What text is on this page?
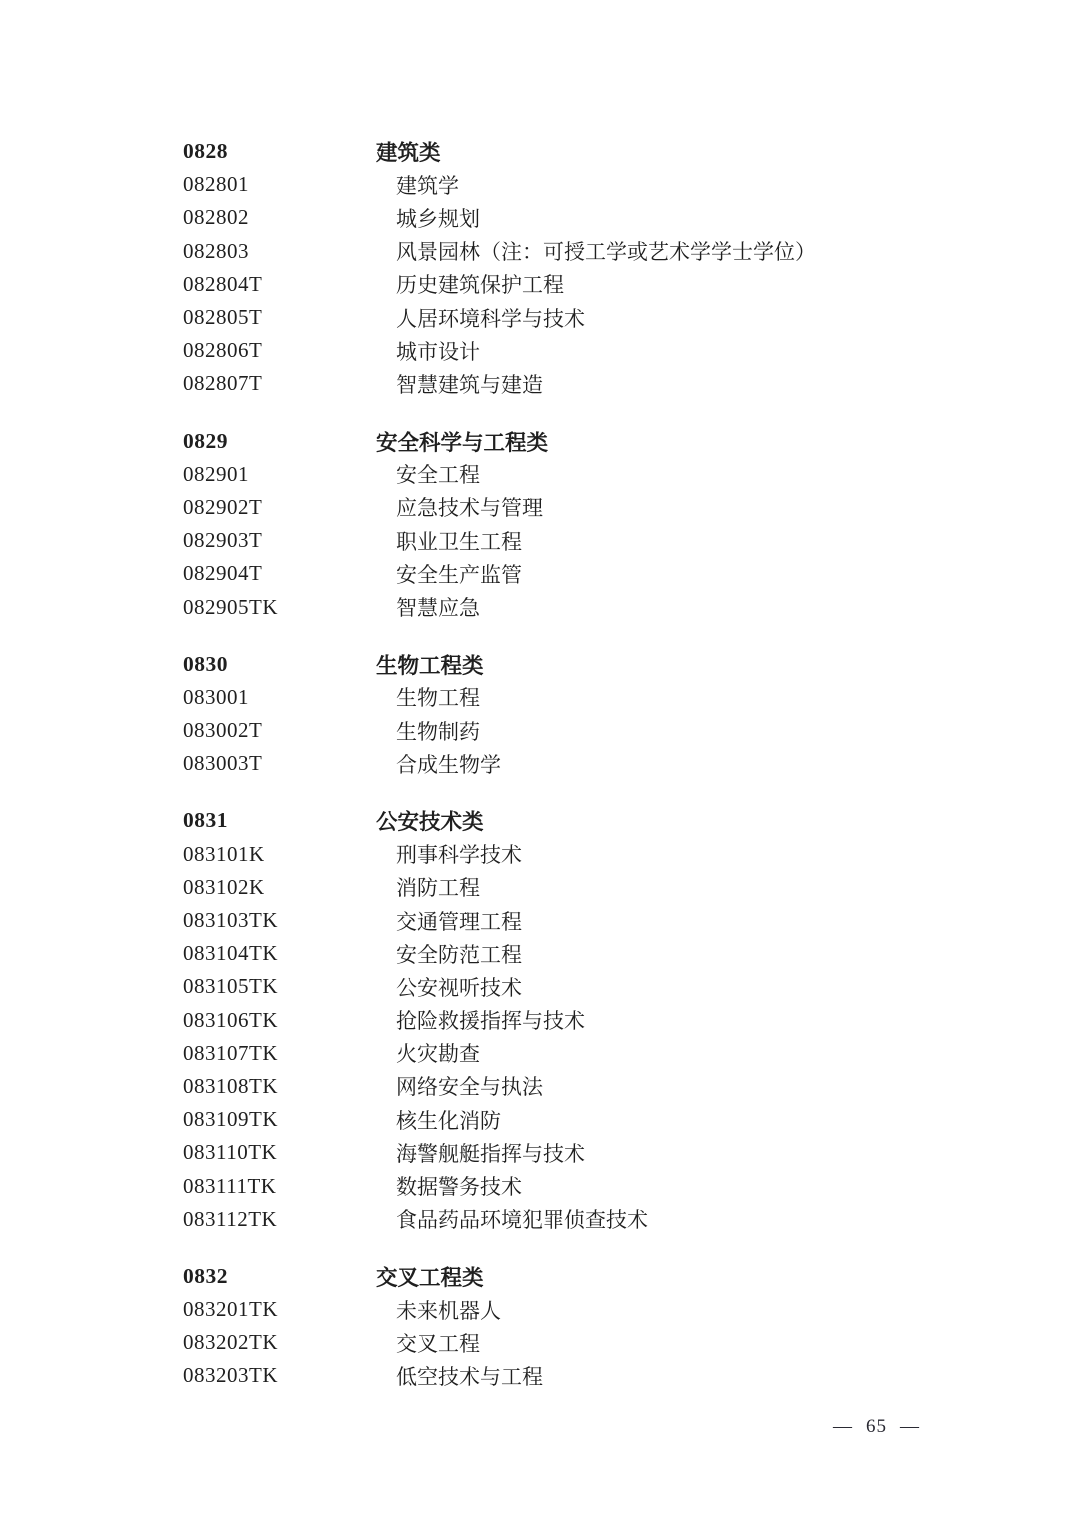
0828	建筑类
082801	建筑学
082802	城乡规划
082803	风景园林（注：可授工学或艺术学学士学位）
082804T	历史建筑保护工程
082805T	人居环境科学与技术
082806T	城市设计
082807T	智慧建筑与建造
0829	安全科学与工程类
082901	安全工程
082902T	应急技术与管理
082903T	职业卫生工程
082904T	安全生产监管
082905TK	智慧应急
0830	生物工程类
083001	生物工程
083002T	生物制药
083003T	合成生物学
0831	公安技术类
083101K	刑事科学技术
083102K	消防工程
083103TK	交通管理工程
083104TK	安全防范工程
083105TK	公安视听技术
083106TK	抢险救援指挥与技术
083107TK	火灾勘查
083108TK	网络安全与执法
083109TK	核生化消防
083110TK	海警舰艇指挥与技术
083111TK	数据警务技术
083112TK	食品药品环境犯罪侦查技术
0832	交叉工程类
083201TK	未来机器人
083202TK	交叉工程
083203TK	低空技术与工程
— 65 —
